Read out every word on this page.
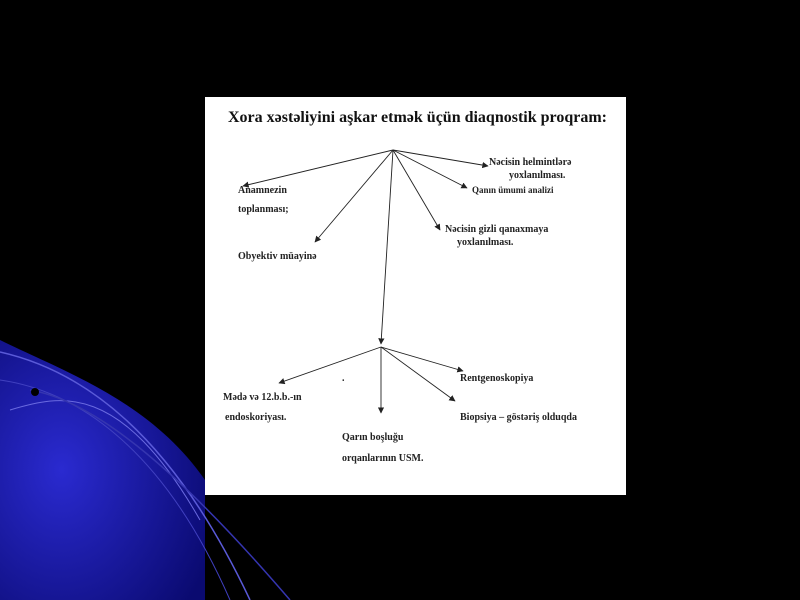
Xora xəstəliyini aşkar etmək üçün diaqnostik proqram:
Anamnezin
toplanması;
Obyektiv müayinə
Nəcisin helmintlərə
yoxlanılması.
Qanın ümumi analizi
Nəcisin gizli qanaxmaya
yoxlanılması.
Mədə və 12.b.b.-ın
endoskoriyası.
.
Qarın boşluğu
orqanlarının USM.
Rentgenoskopiya
Biopsiya – göstəriş olduqda
